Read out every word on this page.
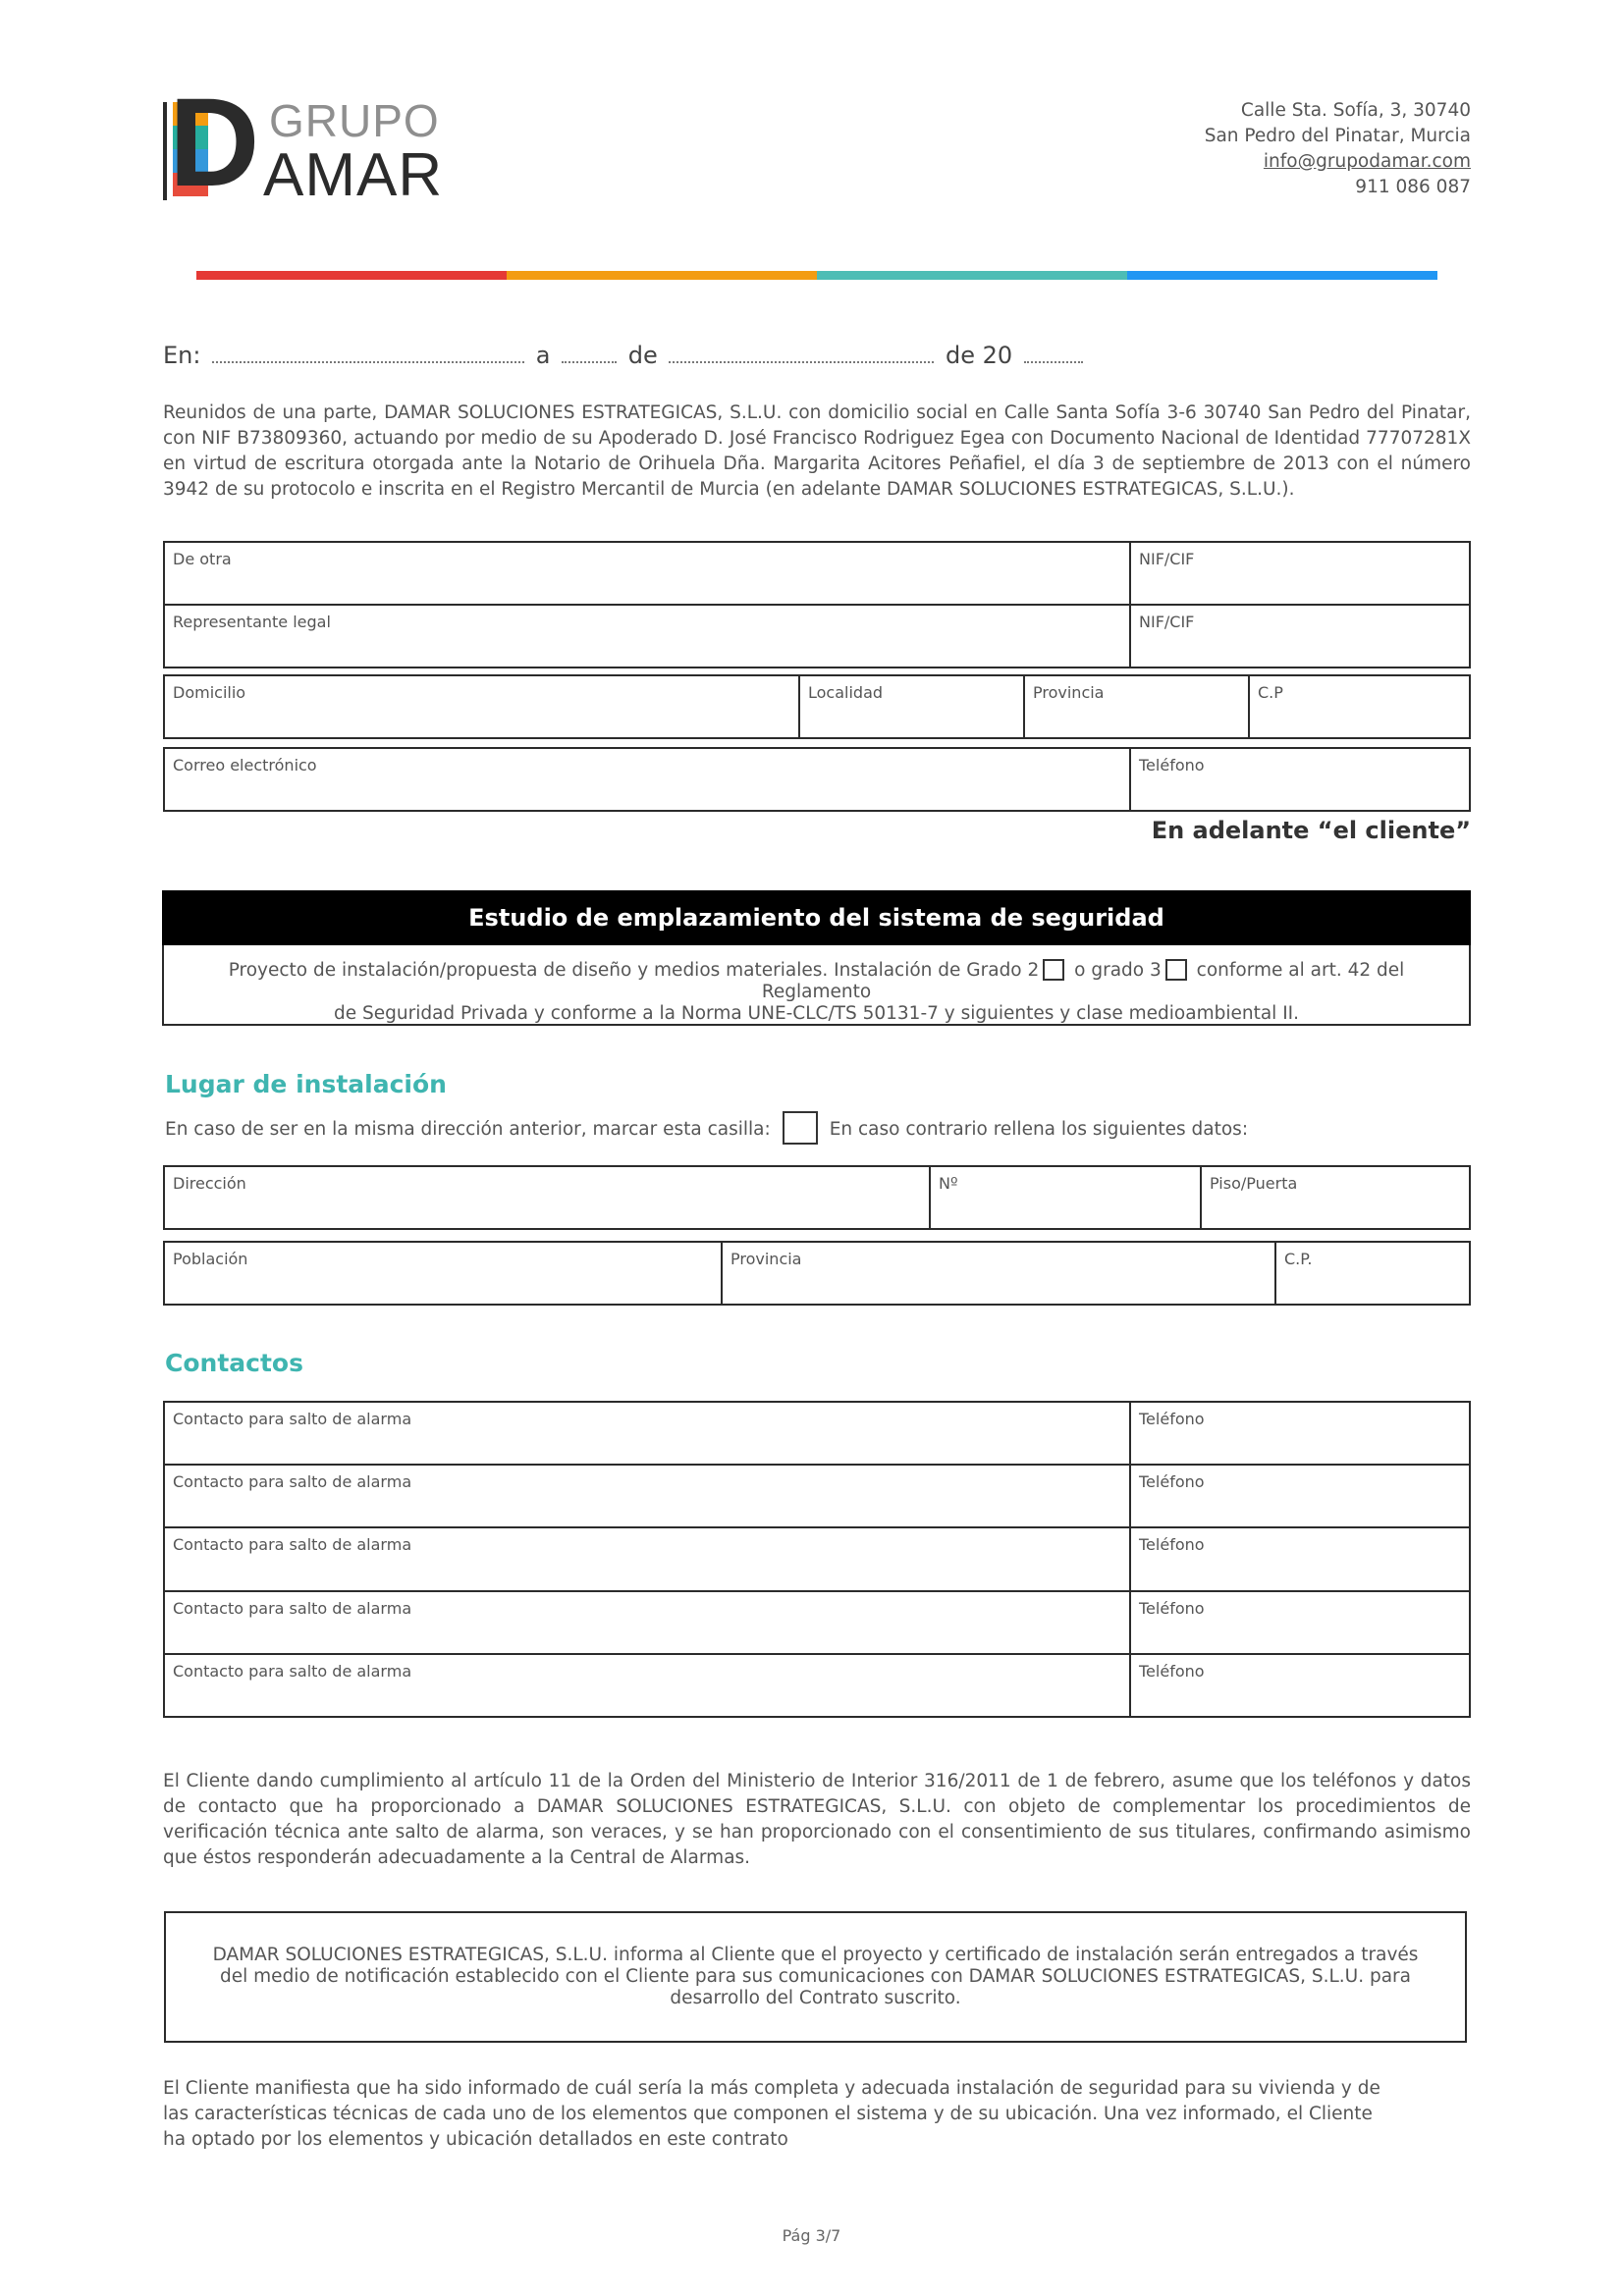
D GRUPO
AMAR
Calle Sta. Sofía, 3, 30740
San Pedro del Pinatar, Murcia
info@grupodamar.com
911 086 087
En:	a	de	de 20
Reunidos de una parte, DAMAR SOLUCIONES ESTRATEGICAS, S.L.U. con domicilio social en Calle Santa Sofía 3-6 30740 San Pedro del Pinatar, con NIF B73809360, actuando por medio de su Apoderado D. José Francisco Rodriguez Egea con Documento Nacional de Identidad 77707281X en virtud de escritura otorgada ante la Notario de Orihuela Dña. Margarita Acitores Peñafiel, el día 3 de septiembre de 2013 con el número 3942 de su protocolo e inscrita en el Registro Mercantil de Murcia (en adelante DAMAR SOLUCIONES ESTRATEGICAS, S.L.U.).
De otra	NIF/CIF
Representante legal	NIF/CIF
Domicilio	Localidad	Provincia	C.P
Correo electrónico	Teléfono
En adelante “el cliente”
Estudio de emplazamiento del sistema de seguridad
Proyecto de instalación/propuesta de diseño y medios materiales. Instalación de Grado 2 o grado 3 conforme al art. 42 del Reglamento
de Seguridad Privada y conforme a la Norma UNE-CLC/TS 50131-7 y siguientes y clase medioambiental II.
Lugar de instalación
En caso de ser en la misma dirección anterior, marcar esta casilla:	En caso contrario rellena los siguientes datos:
Dirección	Nº	Piso/Puerta
Población	Provincia	C.P.
Contactos
Contacto para salto de alarma	Teléfono
Contacto para salto de alarma	Teléfono
Contacto para salto de alarma	Teléfono
Contacto para salto de alarma	Teléfono
Contacto para salto de alarma	Teléfono
El Cliente dando cumplimiento al artículo 11 de la Orden del Ministerio de Interior 316/2011 de 1 de febrero, asume que los teléfonos y datos de contacto que ha proporcionado a DAMAR SOLUCIONES ESTRATEGICAS, S.L.U. con objeto de complementar los procedimientos de verificación técnica ante salto de alarma, son veraces, y se han proporcionado con el consentimiento de sus titulares, confirmando asimismo que éstos responderán adecuadamente a la Central de Alarmas.
DAMAR SOLUCIONES ESTRATEGICAS, S.L.U. informa al Cliente que el proyecto y certificado de instalación serán entregados a través del medio de notificación establecido con el Cliente para sus comunicaciones con DAMAR SOLUCIONES ESTRATEGICAS, S.L.U. para desarrollo del Contrato suscrito.
El Cliente manifiesta que ha sido informado de cuál sería la más completa y adecuada instalación de seguridad para su vivienda y de las características técnicas de cada uno de los elementos que componen el sistema y de su ubicación. Una vez informado, el Cliente ha optado por los elementos y ubicación detallados en este contrato
Pág 3/7
